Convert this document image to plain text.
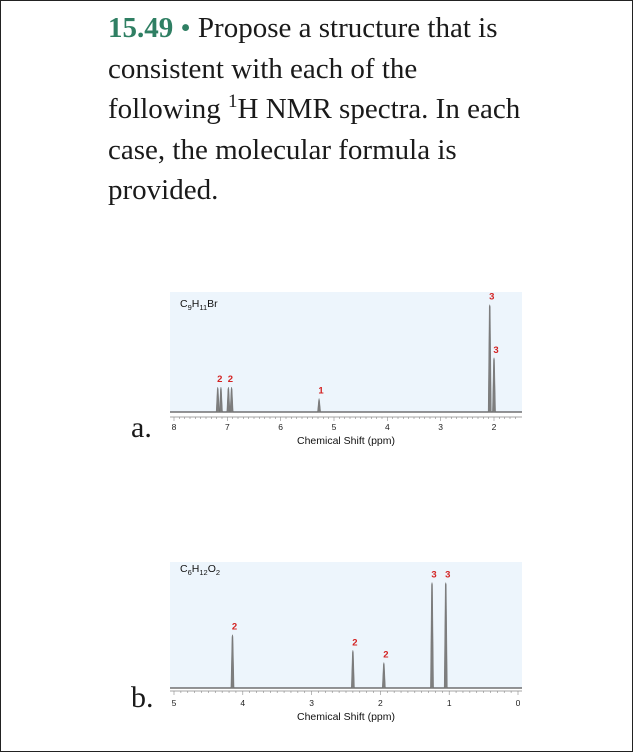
15.49 • Propose a structure that is consistent with each of the following $^1$H NMR spectra. In each case, the molecular formula is provided.
a.
b.
$C_9H_{11}Br$
8	7	6	5	4	3	2
2 2
1
3
3
Chemical Shift (ppm)
$C_6H_{12}O_2$
5	4	3	2	1	0
2
2
2
3 3
Chemical Shift (ppm)
